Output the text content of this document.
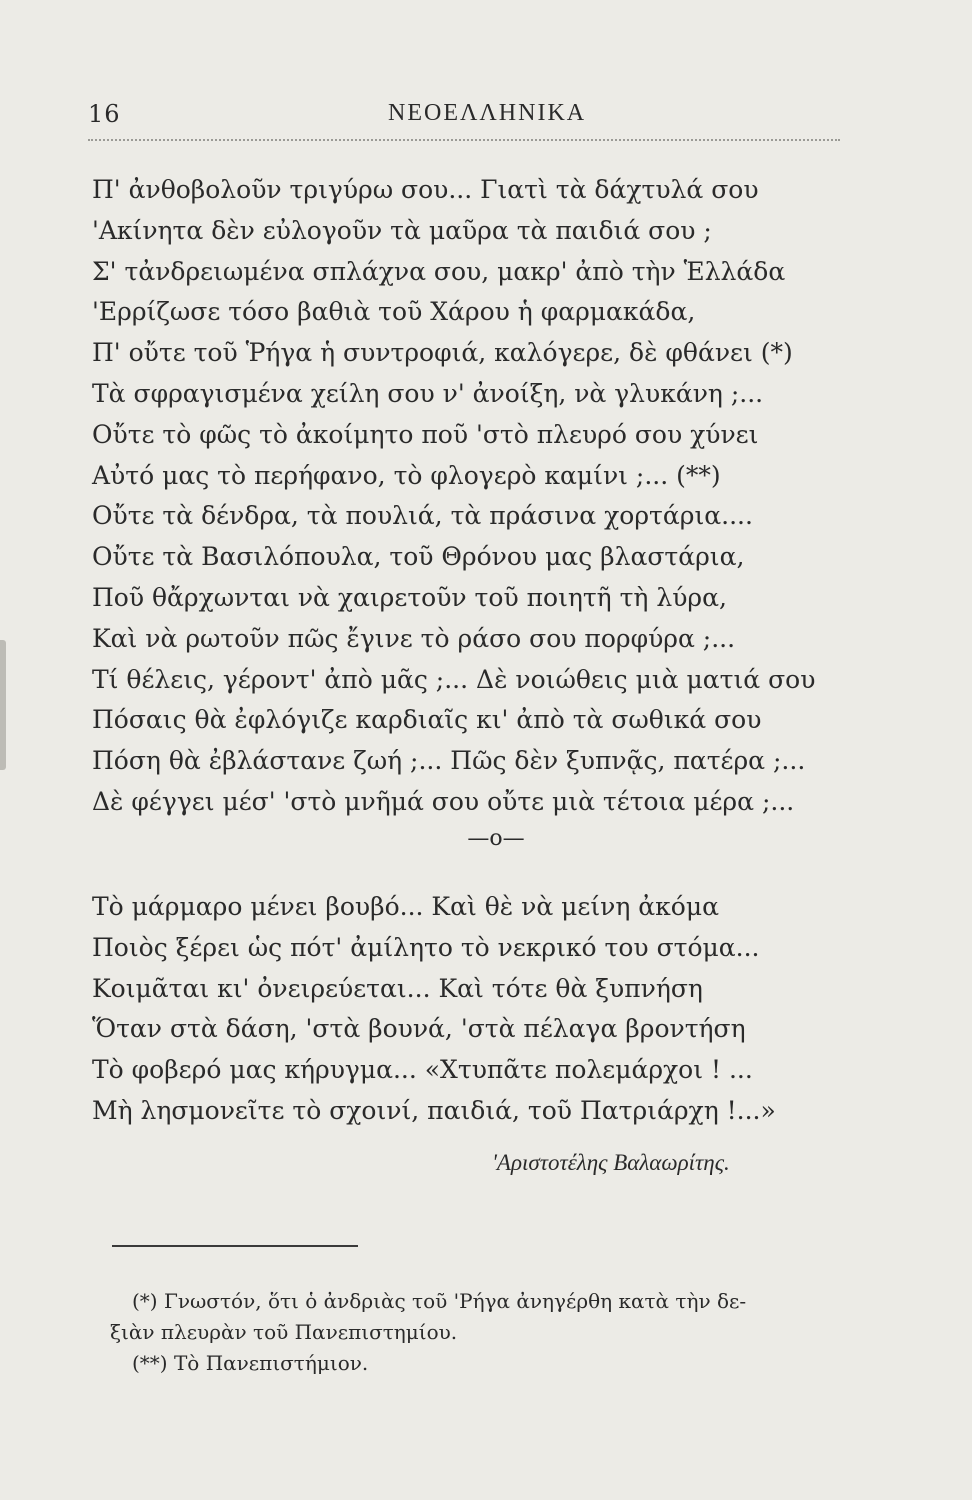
16	ΝΕΟΕΛΛΗΝΙΚΑ
Π' ἀνθοβολοῦν τριγύρω σου... Γιατὶ τὰ δάχτυλά σου
'Ακίνητα δὲν εὐλογοῦν τὰ μαῦρα τὰ παιδιά σου ;
Σ' τἀνδρειωμένα σπλάχνα σου, μακρ' ἀπὸ τὴν Ἑλλάδα
'Ερρίζωσε τόσο βαθιὰ τοῦ Χάρου ἡ φαρμακάδα,
Π' οὔτε τοῦ Ῥήγα ἡ συντροφιά, καλόγερε, δὲ φθάνει (*)
Τὰ σφραγισμένα χείλη σου ν' ἀνοίξη, νὰ γλυκάνη ;...
Οὔτε τὸ φῶς τὸ ἀκοίμητο ποῦ 'στὸ πλευρό σου χύνει
Αὐτό μας τὸ περήφανο, τὸ φλογερὸ καμίνι ;... (**)
Οὔτε τὰ δένδρα, τὰ πουλιά, τὰ πράσινα χορτάρια....
Οὔτε τὰ Βασιλόπουλα, τοῦ Θρόνου μας βλαστάρια,
Ποῦ θἄρχωνται νὰ χαιρετοῦν τοῦ ποιητῆ τὴ λύρα,
Καὶ νὰ ρωτοῦν πῶς ἔγινε τὸ ράσο σου πορφύρα ;...
Τί θέλεις, γέροντ' ἀπὸ μᾶς ;... Δὲ νοιώθεις μιὰ ματιά σου
Πόσαις θὰ ἐφλόγιζε καρδιαῖς κι' ἀπὸ τὰ σωθικά σου
Πόση θὰ ἐβλάστανε ζωή ;... Πῶς δὲν ξυπνᾷς, πατέρα ;...
Δὲ φέγγει μέσ' 'στὸ μνῆμά σου οὔτε μιὰ τέτοια μέρα ;...
—o—
Τὸ μάρμαρο μένει βουβό... Καὶ θὲ νὰ μείνη ἀκόμα
Ποιὸς ξέρει ὡς πότ' ἀμίλητο τὸ νεκρικό του στόμα...
Κοιμᾶται κι' ὀνειρεύεται... Καὶ τότε θὰ ξυπνήση
Ὅταν στὰ δάση, 'στὰ βουνά, 'στὰ πέλαγα βροντήση
Τὸ φοβερό μας κήρυγμα... «Χτυπᾶτε πολεμάρχοι ! ...
Μὴ λησμονεῖτε τὸ σχοινί, παιδιά, τοῦ Πατριάρχη !...»
'Αριστοτέλης Βαλαωρίτης.
(*) Γνωστόν, ὅτι ὁ ἀνδριὰς τοῦ 'Ρήγα ἀνηγέρθη κατὰ τὴν δε-
ξιὰν πλευρὰν τοῦ Πανεπιστημίου.
(**) Τὸ Πανεπιστήμιον.
